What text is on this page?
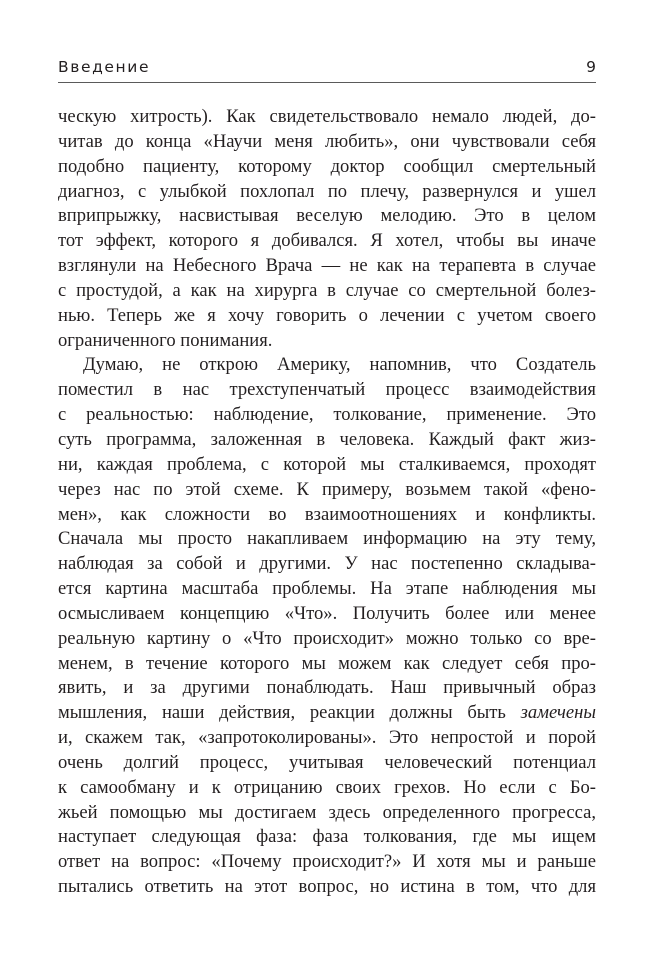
Введение	9
ческую хитрость). Как свидетельствовало немало людей, до-
читав до конца «Научи меня любить», они чувствовали себя
подобно пациенту, которому доктор сообщил смертельный
диагноз, с улыбкой похлопал по плечу, развернулся и ушел
вприпрыжку, насвистывая веселую мелодию. Это в целом
тот эффект, которого я добивался. Я хотел, чтобы вы иначе
взглянули на Небесного Врача — не как на терапевта в случае
с простудой, а как на хирурга в случае со смертельной болез-
нью. Теперь же я хочу говорить о лечении с учетом своего
ограниченного понимания.
Думаю, не открою Америку, напомнив, что Создатель
поместил в нас трехступенчатый процесс взаимодействия
с реальностью: наблюдение, толкование, применение. Это
суть программа, заложенная в человека. Каждый факт жиз-
ни, каждая проблема, с которой мы сталкиваемся, проходят
через нас по этой схеме. К примеру, возьмем такой «фено-
мен», как сложности во взаимоотношениях и конфликты.
Сначала мы просто накапливаем информацию на эту тему,
наблюдая за собой и другими. У нас постепенно складыва-
ется картина масштаба проблемы. На этапе наблюдения мы
осмысливаем концепцию «Что». Получить более или менее
реальную картину о «Что происходит» можно только со вре-
менем, в течение которого мы можем как следует себя про-
явить, и за другими понаблюдать. Наш привычный образ
мышления, наши действия, реакции должны быть замечены
и, скажем так, «запротоколированы». Это непростой и порой
очень долгий процесс, учитывая человеческий потенциал
к самообману и к отрицанию своих грехов. Но если с Бо-
жьей помощью мы достигаем здесь определенного прогресса,
наступает следующая фаза: фаза толкования, где мы ищем
ответ на вопрос: «Почему происходит?» И хотя мы и раньше
пытались ответить на этот вопрос, но истина в том, что для
